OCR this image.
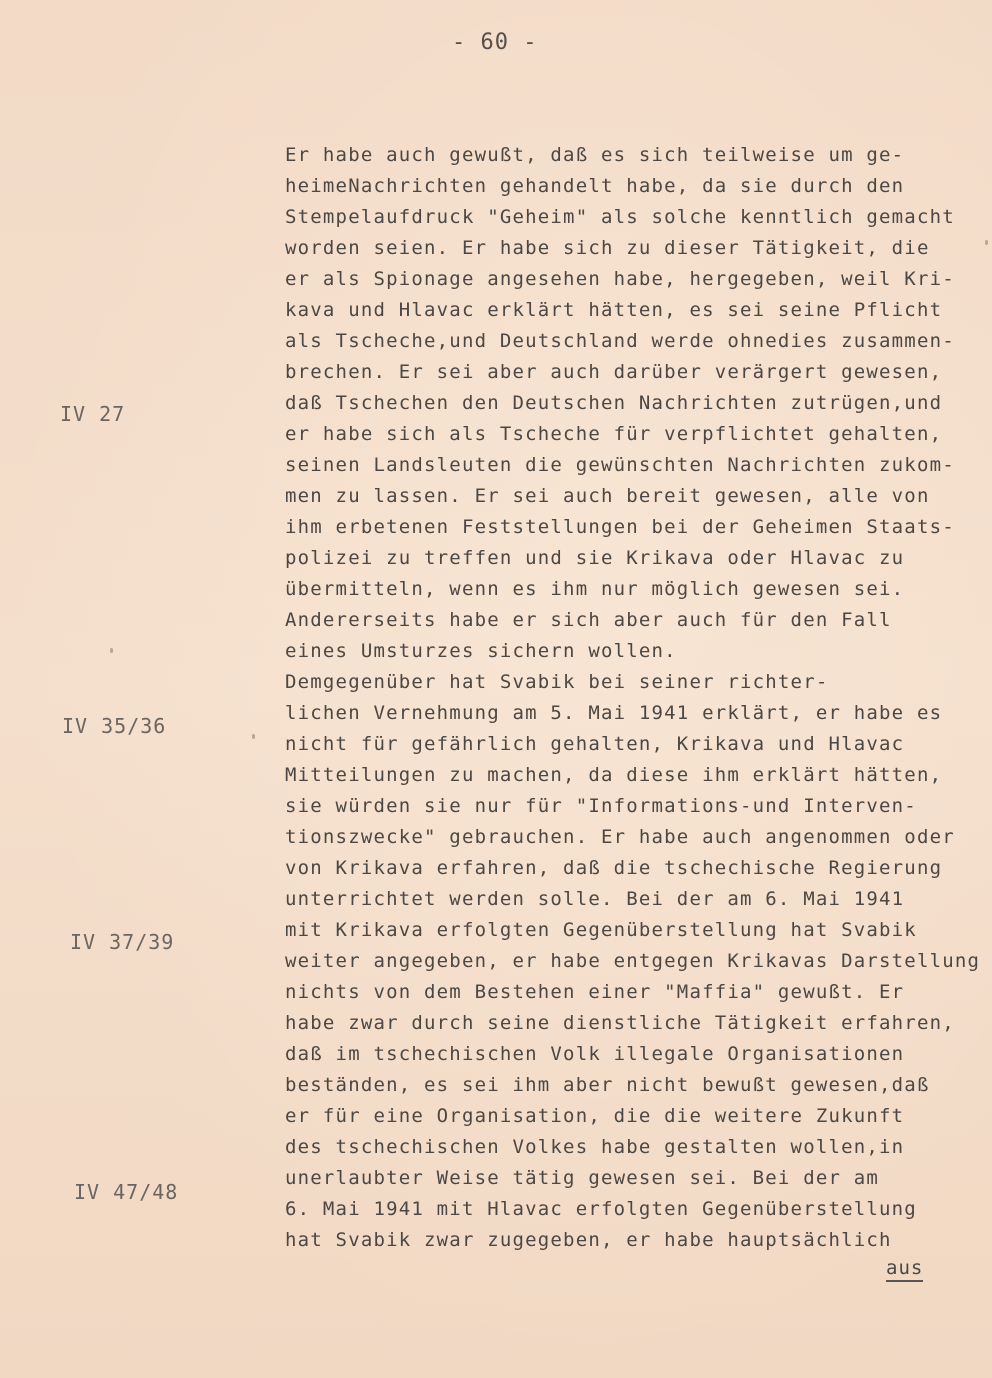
- 60 -
IV 27
IV 35/36
IV 37/39
IV 47/48
Er habe auch gewußt, daß es sich teilweise um ge-
heimeNachrichten gehandelt habe, da sie durch den
Stempelaufdruck "Geheim" als solche kenntlich gemacht
worden seien. Er habe sich zu dieser Tätigkeit, die
er als Spionage angesehen habe, hergegeben, weil Kri-
kava und Hlavac erklärt hätten, es sei seine Pflicht
als Tscheche,und Deutschland werde ohnedies zusammen-
brechen. Er sei aber auch darüber verärgert gewesen,
daß Tschechen den Deutschen Nachrichten zutrügen,und
er habe sich als Tscheche für verpflichtet gehalten,
seinen Landsleuten die gewünschten Nachrichten zukom-
men zu lassen. Er sei auch bereit gewesen, alle von
ihm erbetenen Feststellungen bei der Geheimen Staats-
polizei zu treffen und sie Krikava oder Hlavac zu
übermitteln, wenn es ihm nur möglich gewesen sei.
Andererseits habe er sich aber auch für den Fall
eines Umsturzes sichern wollen.
Demgegenüber hat Svabik bei seiner richter-
lichen Vernehmung am 5. Mai 1941 erklärt, er habe es
nicht für gefährlich gehalten, Krikava und Hlavac
Mitteilungen zu machen, da diese ihm erklärt hätten,
sie würden sie nur für "Informations-und Interven-
tionszwecke" gebrauchen. Er habe auch angenommen oder
von Krikava erfahren, daß die tschechische Regierung
unterrichtet werden solle. Bei der am 6. Mai 1941
mit Krikava erfolgten Gegenüberstellung hat Svabik
weiter angegeben, er habe entgegen Krikavas Darstellung
nichts von dem Bestehen einer "Maffia" gewußt. Er
habe zwar durch seine dienstliche Tätigkeit erfahren,
daß im tschechischen Volk illegale Organisationen
beständen, es sei ihm aber nicht bewußt gewesen,daß
er für eine Organisation, die die weitere Zukunft
des tschechischen Volkes habe gestalten wollen,in
unerlaubter Weise tätig gewesen sei. Bei der am
6. Mai 1941 mit Hlavac erfolgten Gegenüberstellung
hat Svabik zwar zugegeben, er habe hauptsächlich
aus
